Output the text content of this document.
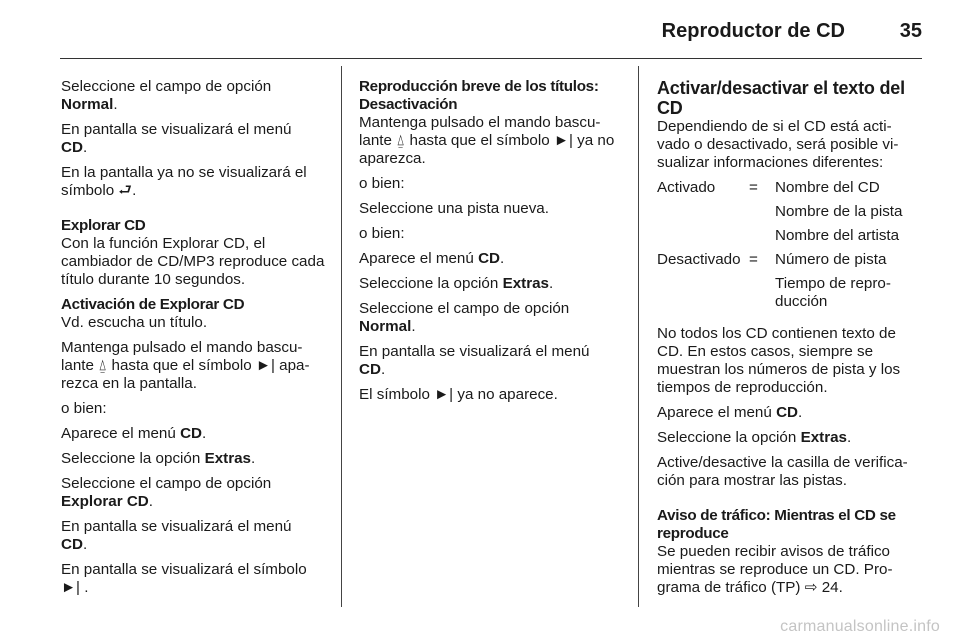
Reproductor de CD	35

Seleccione el campo de opción
Normal.

En pantalla se visualizará el menú
CD.

En la pantalla ya no se visualizará el símbolo ⮐.

Explorar CD

Con la función Explorar CD, el cambiador de CD/MP3 reproduce cada título durante 10 segundos.

Activación de Explorar CD

Vd. escucha un título.

Mantenga pulsado el mando bascu-lante ⍙ hasta que el símbolo ►| apa-rezca en la pantalla.

o bien:

Aparece el menú CD.

Seleccione la opción Extras.

Seleccione el campo de opción
Explorar CD.

En pantalla se visualizará el menú
CD.

En pantalla se visualizará el símbolo
►| .

Reproducción breve de los títulos: Desactivación

Mantenga pulsado el mando bascu-lante ⍙ hasta que el símbolo ►| ya no aparezca.

o bien:

Seleccione una pista nueva.

o bien:

Aparece el menú CD.

Seleccione la opción Extras.

Seleccione el campo de opción
Normal.

En pantalla se visualizará el menú
CD.

El símbolo ►| ya no aparece.

Activar/desactivar el texto del CD

Dependiendo de si el CD está acti-vado o desactivado, será posible vi-sualizar informaciones diferentes:

Activado	=	Nombre del CD
		Nombre de la pista
		Nombre del artista
Desactivado	=	Número de pista
		Tiempo de repro-ducción

No todos los CD contienen texto de CD. En estos casos, siempre se muestran los números de pista y los tiempos de reproducción.

Aparece el menú CD.

Seleccione la opción Extras.

Active/desactive la casilla de verifica-ción para mostrar las pistas.

Aviso de tráfico: Mientras el CD se reproduce

Se pueden recibir avisos de tráfico mientras se reproduce un CD. Pro-grama de tráfico (TP) ⇨ 24.

carmanualsonline.info
